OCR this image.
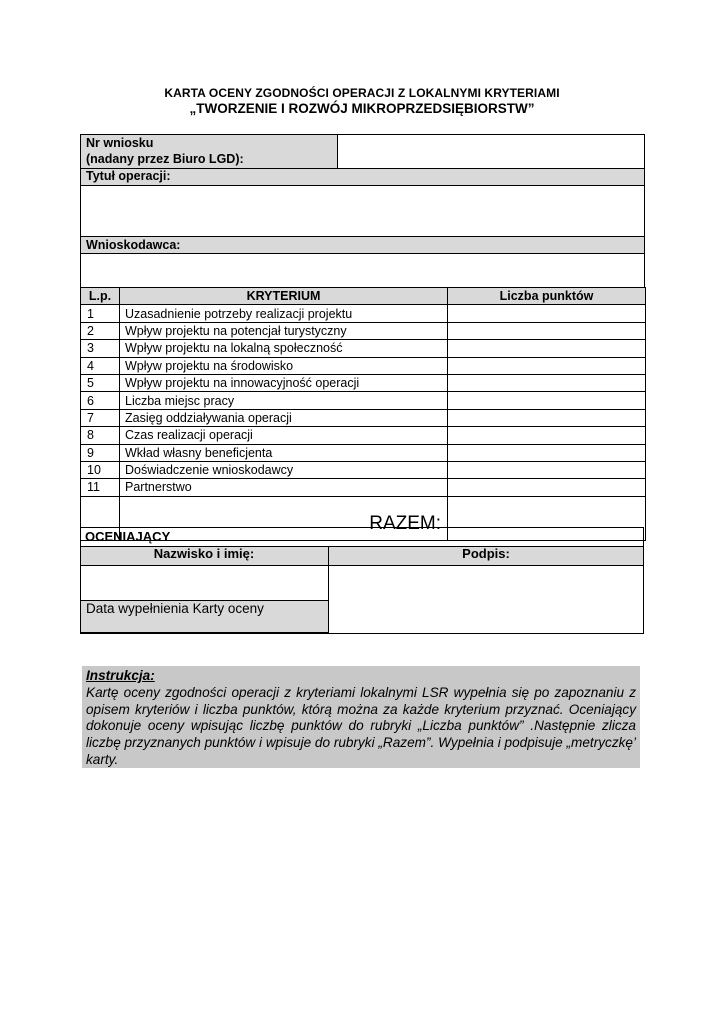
KARTA OCENY ZGODNOŚCI OPERACJI Z LOKALNYMI KRYTERIAMI
„TWORZENIE I ROZWÓJ MIKROPRZEDSIĘBIORSTW”
Nr wniosku
(nadany przez Biuro LGD):
Tytuł operacji:
Wnioskodawca:
L.p.	KRYTERIUM	Liczba punktów
1	Uzasadnienie potrzeby realizacji projektu	
2	Wpływ projektu na potencjał turystyczny	
3	Wpływ projektu na lokalną społeczność	
4	Wpływ projektu na środowisko	
5	Wpływ projektu na innowacyjność operacji	
6	Liczba miejsc pracy	
7	Zasięg oddziaływania operacji	
8	Czas realizacji operacji	
9	Wkład własny beneficjenta	
10	Doświadczenie wnioskodawcy	
11	Partnerstwo	
	RAZEM:	
OCENIAJĄCY
Nazwisko i imię:	Podpis:
Data wypełnienia Karty oceny
Instrukcja:
Kartę oceny zgodności operacji z kryteriami lokalnymi LSR wypełnia się po zapoznaniu z opisem kryteriów i liczba punktów, którą można za każde kryterium przyznać. Oceniający dokonuje oceny wpisując liczbę punktów do rubryki „Liczba punktów” .Następnie zlicza liczbę przyznanych punktów i wpisuje do rubryki „Razem”. Wypełnia i podpisuje „metryczkę’ karty.
